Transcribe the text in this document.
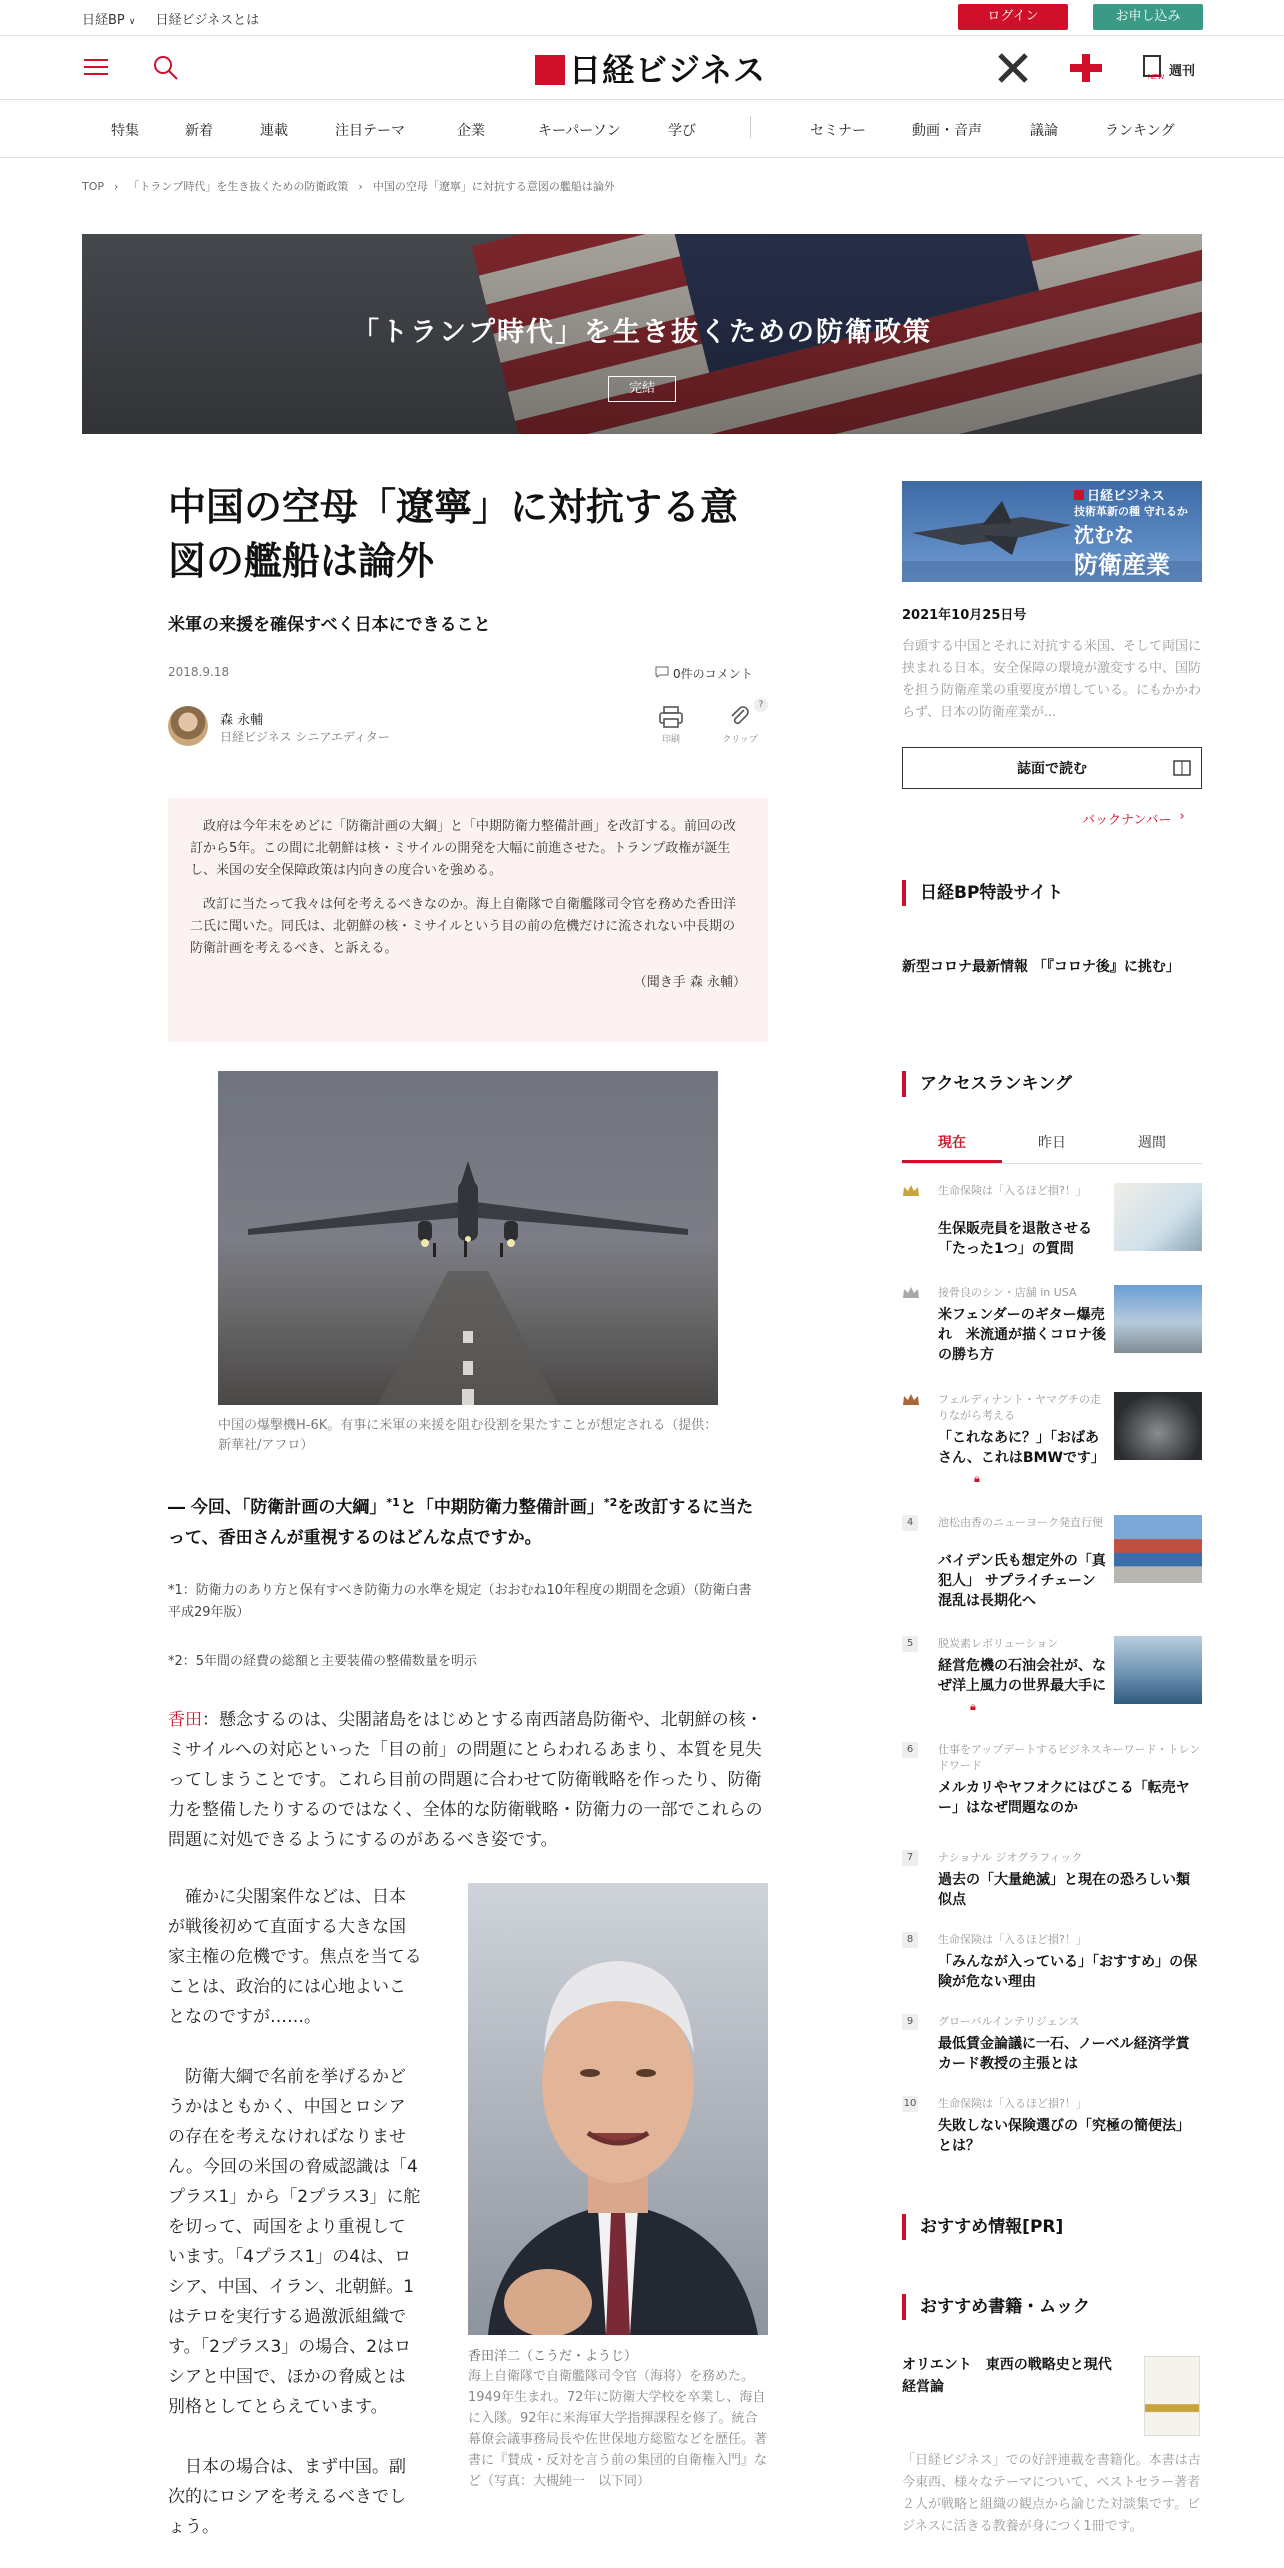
日経BP ∨ 日経ビジネスとは	ログイン	お申し込み
日経ビジネス	NEW 週刊
特集	新着	連載	注目テーマ	企業	キーパーソン	学び	セミナー	動画・音声	議論	ランキング
TOP › 「トランプ時代」を生き抜くための防衛政策 › 中国の空母「遼寧」に対抗する意図の艦船は論外
「トランプ時代」を生き抜くための防衛政策
完結
中国の空母「遼寧」に対抗する意図の艦船は論外
米軍の来援を確保すべく日本にできること
2018.9.18	0件のコメント
森 永輔
日経ビジネス シニアエディター	印刷	クリップ
?

政府は今年末をめどに「防衛計画の大綱」と「中期防衛力整備計画」を改訂する。前回の改訂から5年。この間に北朝鮮は核・ミサイルの開発を大幅に前進させた。トランプ政権が誕生し、米国の安全保障政策は内向きの度合いを強める。

改訂に当たって我々は何を考えるべきなのか。海上自衛隊で自衛艦隊司令官を務めた香田洋二氏に聞いた。同氏は、北朝鮮の核・ミサイルという目の前の危機だけに流されない中長期の防衛計画を考えるべき、と訴える。

（聞き手 森 永輔）
中国の爆撃機H-6K。有事に米軍の来援を阻む役割を果たすことが想定される（提供：新華社/アフロ）
― 今回、「防衛計画の大綱」$^{*1}$と「中期防衛力整備計画」$^{*2}$を改訂するに当たって、香田さんが重視するのはどんな点ですか。
*1：防衛力のあり方と保有すべき防衛力の水準を規定（おおむね10年程度の期間を念頭）（防衛白書 平成29年版）
*2：5年間の経費の総額と主要装備の整備数量を明示
香田：懸念するのは、尖閣諸島をはじめとする南西諸島防衛や、北朝鮮の核・ミサイルへの対応といった「目の前」の問題にとらわれるあまり、本質を見失ってしまうことです。これら目前の問題に合わせて防衛戦略を作ったり、防衛力を整備したりするのではなく、全体的な防衛戦略・防衛力の一部でこれらの問題に対処できるようにするのがあるべき姿です。

確かに尖閣案件などは、日本が戦後初めて直面する大きな国家主権の危機です。焦点を当てることは、政治的には心地よいことなのですが……。

防衛大綱で名前を挙げるかどうかはともかく、中国とロシアの存在を考えなければなりません。今回の米国の脅威認識は「4プラス1」から「2プラス3」に舵を切って、両国をより重視しています。「4プラス1」の4は、ロシア、中国、イラン、北朝鮮。1はテロを実行する過激派組織です。「2プラス3」の場合、2はロシアと中国で、ほかの脅威とは別格としてとらえています。

日本の場合は、まず中国。副次的にロシアを考えるべきでしょう。

香田洋二（こうだ・ようじ）
海上自衛隊で自衛艦隊司令官（海将）を務めた。1949年生まれ。72年に防衛大学校を卒業し、海自に入隊。92年に米海軍大学指揮課程を修了。統合幕僚会議事務局長や佐世保地方総監などを歴任。著書に『賛成・反対を言う前の集団的自衛権入門』など（写真：大槻純一　以下同）
日経ビジネス
技術革新の種 守れるか
沈むな
防衛産業
2021年10月25日号
台頭する中国とそれに対抗する米国、そして両国に挟まれる日本。安全保障の環境が激変する中、国防を担う防衛産業の重要度が増している。にもかかわらず、日本の防衛産業が...
誌面で読む
バックナンバー ›
日経BP特設サイト
新型コロナ最新情報 「『コロナ後』に挑む」
アクセスランキング
現在	昨日	週間
生命保険は「入るほど損?！」
生保販売員を退散させる「たった1つ」の質問
接骨良のシン・店舗 in USA
米フェンダーのギター爆売れ　米流通が描くコロナ後の勝ち方
フェルディナント・ヤマグチの走りながら考える
「これなあに？」「おばあさん、これはBMWです」
🔒︎
4	池松由香のニューヨーク発直行便
バイデン氏も想定外の「真犯人」 サプライチェーン混乱は長期化へ
5	脱炭素レボリューション
経営危機の石油会社が、なぜ洋上風力の世界最大手に
🔒︎
6	仕事をアップデートするビジネスキーワード・トレンドワード
メルカリやヤフオクにはびこる「転売ヤー」はなぜ問題なのか
7	ナショナル ジオグラフィック
過去の「大量絶滅」と現在の恐ろしい類似点
8	生命保険は「入るほど損?！」
「みんなが入っている」「おすすめ」の保険が危ない理由
9	グローバルインテリジェンス
最低賃金論議に一石、ノーベル経済学賞カード教授の主張とは
10 生命保険は「入るほど損?！」
失敗しない保険選びの「究極の簡便法」とは？
おすすめ情報[PR]
おすすめ書籍・ムック
オリエント　東西の戦略史と現代経営論
「日経ビジネス」での好評連載を書籍化。本書は古今東西、様々なテーマについて、ベストセラー著者２人が戦略と組織の観点から論じた対談集です。ビジネスに活きる教養が身につく1冊です。
